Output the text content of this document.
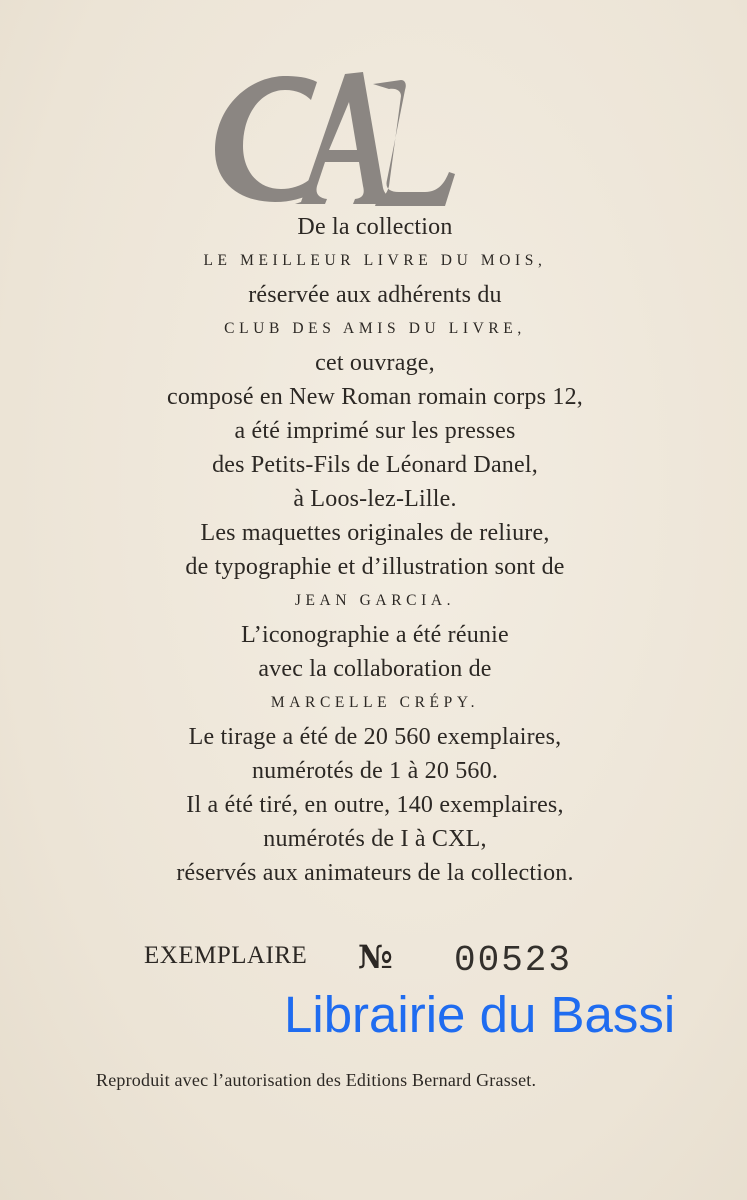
De la collection
LE MEILLEUR LIVRE DU MOIS,
réservée aux adhérents du
CLUB DES AMIS DU LIVRE,
cet ouvrage,
composé en New Roman romain corps 12,
a été imprimé sur les presses
des Petits-Fils de Léonard Danel,
à Loos-lez-Lille.
Les maquettes originales de reliure,
de typographie et d’illustration sont de
JEAN GARCIA.
L’iconographie a été réunie
avec la collaboration de
MARCELLE CRÉPY.
Le tirage a été de 20 560 exemplaires,
numérotés de 1 à 20 560.
Il a été tiré, en outre, 140 exemplaires,
numérotés de I à CXL,
réservés aux animateurs de la collection.
EXEMPLAIRE № 00523
Librairie du Bassi
Reproduit avec l’autorisation des Editions Bernard Grasset.
